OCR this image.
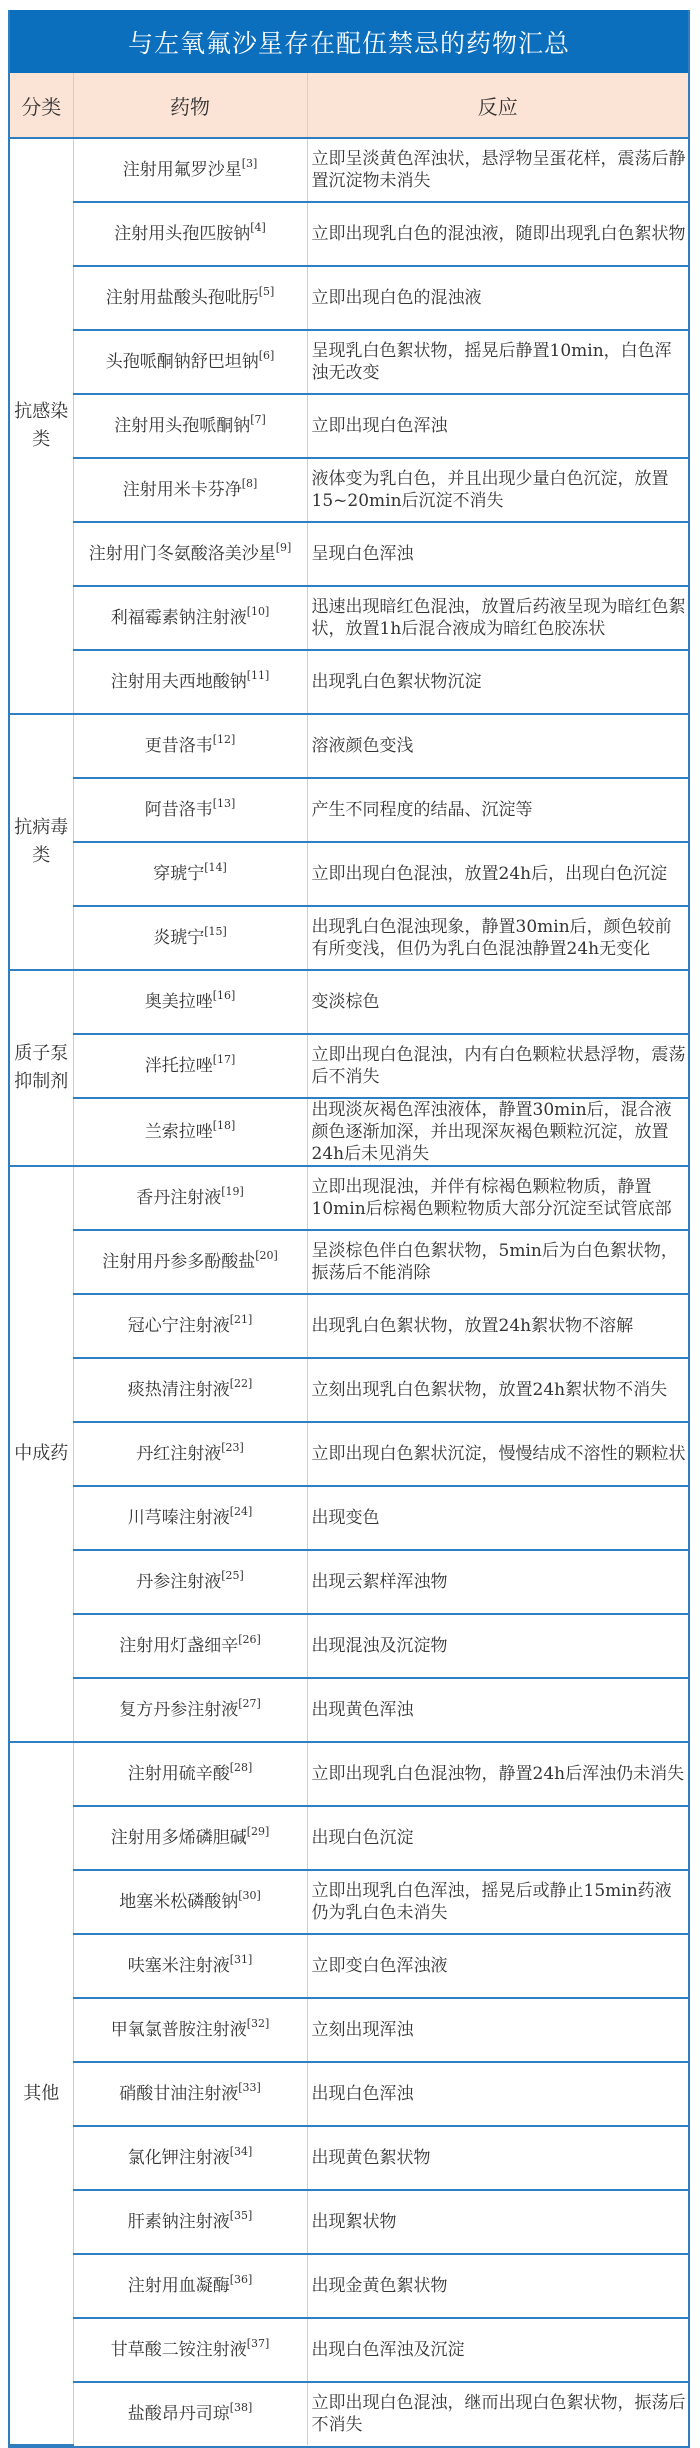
与左氧氟沙星存在配伍禁忌的药物汇总
分类	药物	反应
抗感染类	注射用氟罗沙星[3]	立即呈淡黄色浑浊状，悬浮物呈蛋花样，震荡后静置沉淀物未消失
	注射用头孢匹胺钠[4]	立即出现乳白色的混浊液，随即出现乳白色絮状物
	注射用盐酸头孢吡肟[5]	立即出现白色的混浊液
	头孢哌酮钠舒巴坦钠[6]	呈现乳白色絮状物，摇晃后静置10min，白色浑浊无改变
	注射用头孢哌酮钠[7]	立即出现白色浑浊
	注射用米卡芬净[8]	液体变为乳白色，并且出现少量白色沉淀，放置15~20min后沉淀不消失
	注射用门冬氨酸洛美沙星[9]	呈现白色浑浊
	利福霉素钠注射液[10]	迅速出现暗红色混浊，放置后药液呈现为暗红色絮状，放置1h后混合液成为暗红色胶冻状
	注射用夫西地酸钠[11]	出现乳白色絮状物沉淀
抗病毒类	更昔洛韦[12]	溶液颜色变浅
	阿昔洛韦[13]	产生不同程度的结晶、沉淀等
	穿琥宁[14]	立即出现白色混浊，放置24h后，出现白色沉淀
	炎琥宁[15]	出现乳白色混浊现象，静置30min后，颜色较前有所变浅，但仍为乳白色混浊静置24h无变化
质子泵抑制剂	奥美拉唑[16]	变淡棕色
	泮托拉唑[17]	立即出现白色混浊，内有白色颗粒状悬浮物，震荡后不消失
	兰索拉唑[18]	出现淡灰褐色浑浊液体，静置30min后，混合液颜色逐渐加深，并出现深灰褐色颗粒沉淀，放置24h后未见消失
中成药	香丹注射液[19]	立即出现混浊，并伴有棕褐色颗粒物质，静置10min后棕褐色颗粒物质大部分沉淀至试管底部
	注射用丹参多酚酸盐[20]	呈淡棕色伴白色絮状物，5min后为白色絮状物，振荡后不能消除
	冠心宁注射液[21]	出现乳白色絮状物，放置24h絮状物不溶解
	痰热清注射液[22]	立刻出现乳白色絮状物，放置24h絮状物不消失
	丹红注射液[23]	立即出现白色絮状沉淀，慢慢结成不溶性的颗粒状
	川芎嗪注射液[24]	出现变色
	丹参注射液[25]	出现云絮样浑浊物
	注射用灯盏细辛[26]	出现混浊及沉淀物
	复方丹参注射液[27]	出现黄色浑浊
其他	注射用硫辛酸[28]	立即出现乳白色混浊物，静置24h后浑浊仍未消失
	注射用多烯磷胆碱[29]	出现白色沉淀
	地塞米松磷酸钠[30]	立即出现乳白色浑浊，摇晃后或静止15min药液仍为乳白色未消失
	呋塞米注射液[31]	立即变白色浑浊液
	甲氧氯普胺注射液[32]	立刻出现浑浊
	硝酸甘油注射液[33]	出现白色浑浊
	氯化钾注射液[34]	出现黄色絮状物
	肝素钠注射液[35]	出现絮状物
	注射用血凝酶[36]	出现金黄色絮状物
	甘草酸二铵注射液[37]	出现白色浑浊及沉淀
	盐酸昂丹司琼[38]	立即出现白色混浊，继而出现白色絮状物，振荡后不消失
